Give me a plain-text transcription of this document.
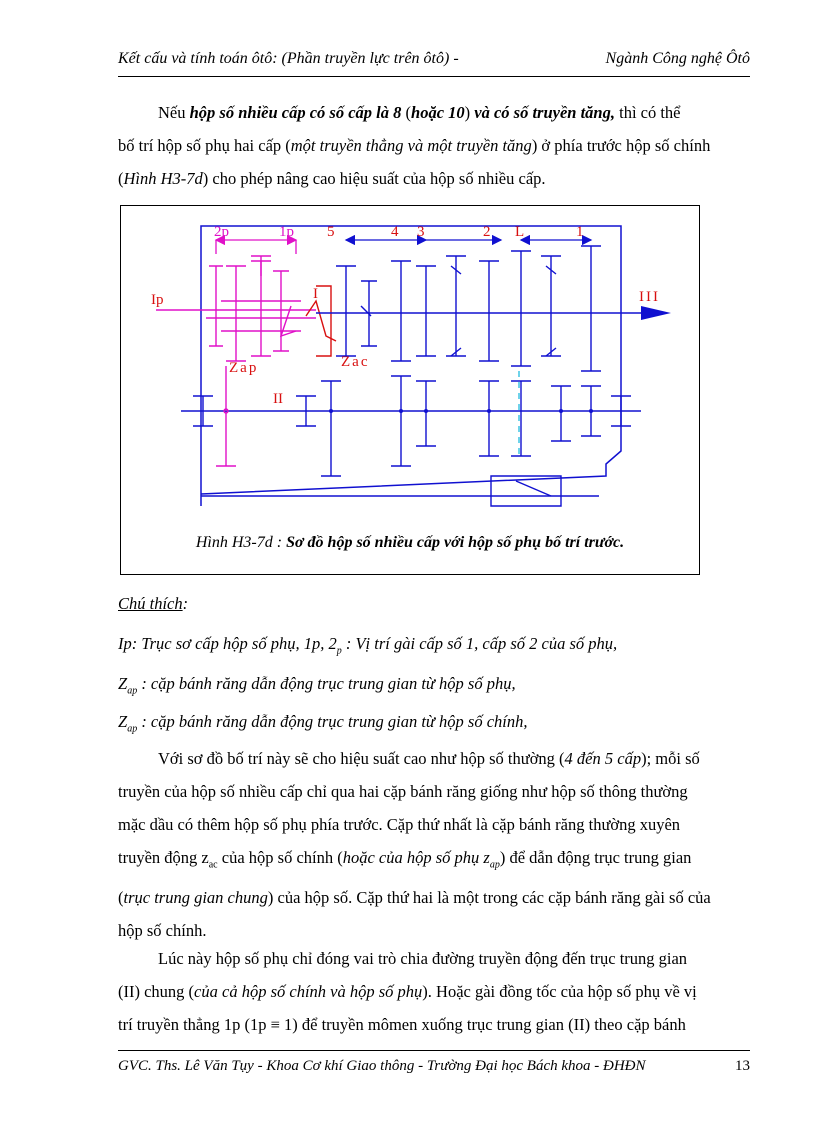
Kết cấu và tính toán ôtô: (Phần truyền lực trên ôtô) -	Ngành Công nghệ Ôtô
Nếu hộp số nhiều cấp có số cấp là 8 (hoặc 10) và có số truyền tăng, thì có thể
bố trí hộp số phụ hai cấp (một truyền thẳng và một truyền tăng) ở phía trước hộp số chính
(Hình H3-7d) cho phép nâng cao hiệu suất của hộp số nhiều cấp.
2p	1p 5	4 3	2 L	1
Ip	I	III
II
Zap	Zac
Hình H3-7d : Sơ đồ hộp số nhiều cấp với hộp số phụ bố trí trước.
Chú thích:
Ip: Trục sơ cấp hộp số phụ, 1p, $2_p$ : Vị trí gài cấp số 1, cấp số 2 của số phụ,
$Z_{ap}$ : cặp bánh răng dẫn động trục trung gian từ hộp số phụ,
$Z_{ap}$ : cặp bánh răng dẫn động trục trung gian từ hộp số chính,
Với sơ đồ bố trí này sẽ cho hiệu suất cao như hộp số thường (4 đến 5 cấp); mỗi số
truyền của hộp số nhiều cấp chỉ qua hai cặp bánh răng giống như hộp số thông thường
mặc dầu có thêm hộp số phụ phía trước. Cặp thứ nhất là cặp bánh răng thường xuyên
truyền động $z_{ac}$ của hộp số chính (hoặc của hộp số phụ $z_{ap}$) để dẫn động trục trung gian
(trục trung gian chung) của hộp số. Cặp thứ hai là một trong các cặp bánh răng gài số của
hộp số chính.
Lúc này hộp số phụ chỉ đóng vai trò chia đường truyền động đến trục trung gian
(II) chung (của cả hộp số chính và hộp số phụ). Hoặc gài đồng tốc của hộp số phụ về vị
trí truyền thẳng 1p (1p ≡ 1) để truyền mômen xuống trục trung gian (II) theo cặp bánh
GVC. Ths. Lê Văn Tụy - Khoa Cơ khí Giao thông - Trường Đại học Bách khoa - ĐHĐN	13
